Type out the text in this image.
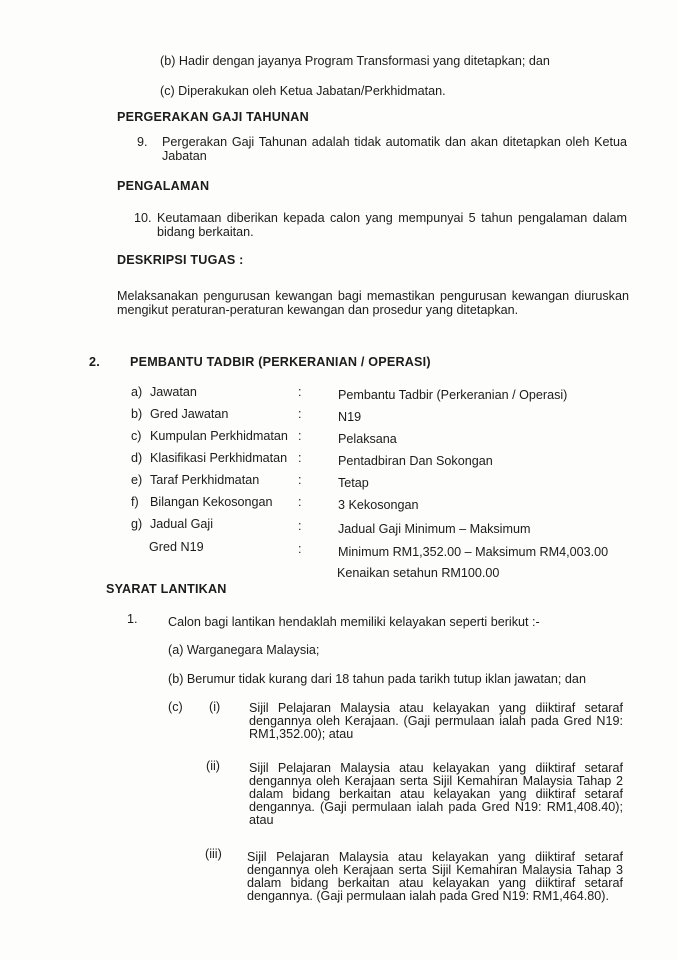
(b) Hadir dengan jayanya Program Transformasi yang ditetapkan; dan
(c) Diperakukan oleh Ketua Jabatan/Perkhidmatan.
PERGERAKAN GAJI TAHUNAN
9. Pergerakan Gaji Tahunan adalah tidak automatik dan akan ditetapkan oleh Ketua Jabatan
PENGALAMAN
10. Keutamaan diberikan kepada calon yang mempunyai 5 tahun pengalaman dalam bidang berkaitan.
DESKRIPSI TUGAS :
Melaksanakan pengurusan kewangan bagi memastikan pengurusan kewangan diuruskan mengikut peraturan-peraturan kewangan dan prosedur yang ditetapkan.
2. PEMBANTU TADBIR (PERKERANIAN / OPERASI)
a) Jawatan	:	Pembantu Tadbir (Perkeranian / Operasi)
b) Gred Jawatan	:	N19
c) Kumpulan Perkhidmatan :	Pelaksana
d) Klasifikasi Perkhidmatan :	Pentadbiran Dan Sokongan
e) Taraf Perkhidmatan	:	Tetap
f) Bilangan Kekosongan :	3 Kekosongan
g) Jadual Gaji	:	Jadual Gaji Minimum – Maksimum
Gred N19	:	Minimum RM1,352.00 – Maksimum RM4,003.00
Kenaikan setahun RM100.00
SYARAT LANTIKAN
1. Calon bagi lantikan hendaklah memiliki kelayakan seperti berikut :-
(a) Warganegara Malaysia;
(b) Berumur tidak kurang dari 18 tahun pada tarikh tutup iklan jawatan; dan
(c) (i) Sijil Pelajaran Malaysia atau kelayakan yang diiktiraf setaraf dengannya oleh Kerajaan. (Gaji permulaan ialah pada Gred N19: RM1,352.00); atau
(ii) Sijil Pelajaran Malaysia atau kelayakan yang diiktiraf setaraf dengannya oleh Kerajaan serta Sijil Kemahiran Malaysia Tahap 2 dalam bidang berkaitan atau kelayakan yang diiktiraf setaraf dengannya. (Gaji permulaan ialah pada Gred N19: RM1,408.40); atau
(iii) Sijil Pelajaran Malaysia atau kelayakan yang diiktiraf setaraf dengannya oleh Kerajaan serta Sijil Kemahiran Malaysia Tahap 3 dalam bidang berkaitan atau kelayakan yang diiktiraf setaraf dengannya. (Gaji permulaan ialah pada Gred N19: RM1,464.80).
